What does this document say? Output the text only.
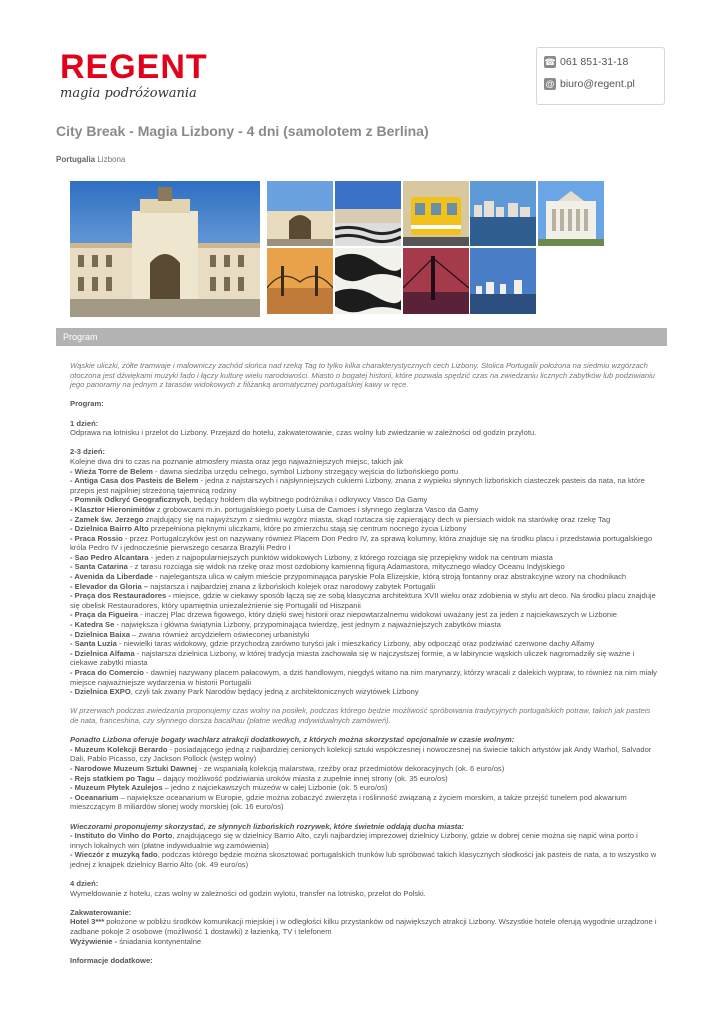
REGENT
magia podróżowania
☎ 061 851-31-18
@ biuro@regent.pl
City Break - Magia Lizbony - 4 dni (samolotem z Berlina)
Portugalia Lizbona
Program

Wąskie uliczki, żółte tramwaje i malowniczy zachód słońca nad rzeką Tag to tylko kilka charakterystycznych cech Lizbony. Stolica Portugalii położona na siedmiu wzgórzach otoczona jest dźwiękami muzyki fado i łączy kulturę wielu narodowości. Miasto o bogatej historii, które pozwala spędzić czas na zwiedzaniu licznych zabytków lub podziwianiu jego panoramy na jednym z tarasów widokowych z filiżanką aromatycznej portugalskiej kawy w ręce.

Program:

1 dzień:

Odprawa na lotnisku i przelot do Lizbony. Przejazd do hotelu, zakwaterowanie, czas wolny lub zwiedzanie w zależności od godzin przylotu.

2-3 dzień:

Kolejne dwa dni to czas na poznanie atmosfery miasta oraz jego najważniejszych miejsc, takich jak

- Wieża Torre de Belem - dawna siedziba urzędu celnego, symbol Lizbony strzegący wejścia do lizbońskiego portu

- Antiga Casa dos Pasteis de Belem - jedna z najstarszych i najsłynniejszych cukierni Lizbony, znana z wypieku słynnych lizbońskich ciasteczek pasteis da nata, na które przepis jest najpilniej strzeżoną tajemnicą rodziny

- Pomnik Odkryć Geograficznych, będący hołdem dla wybitnego podróżnika i odkrywcy Vasco Da Gamy

- Klasztor Hieronimitów z grobowcami m.in. portugalskiego poety Luisa de Camoes i słynnego żeglarza Vasco da Gamy

- Zamek św. Jerzego znajdujący się na najwyższym z siedmiu wzgórz miasta, skąd roztacza się zapierający dech w piersiach widok na starówkę oraz rzekę Tag

- Dzielnica Bairro Alto przepełniona pięknymi uliczkami, które po zmierzchu stają się centrum nocnego życia Lizbony

- Praca Rossio - przez Portugalczyków jest on nazywany również Placem Don Pedro IV, za sprawą kolumny, która znajduje się na środku placu i przedstawia portugalskiego króla Pedro IV i jednocześnie pierwszego cesarza Brazylii Pedro I

- Sao Pedro Alcantara - jeden z najpopularniejszych punktów widokowych Lizbony, z którego rozciąga się przepiękny widok na centrum miasta

- Santa Catarina - z tarasu rozciąga się widok na rzekę oraz most ozdobiony kamienną figurą Adamastora, mitycznego władcy Oceanu Indyjskiego

- Avenida da Liberdade - najelegantsza ulica w całym mieście przypominająca paryskie Pola Elizejskie, którą stroją fontanny oraz abstrakcyjne wzory na chodnikach

- Elevador da Gloria – najstarsza i najbardziej znana z lizbońskich kolejek oraz narodowy zabytek Portugalii

- Praça dos Restauradores - miejsce, gdzie w ciekawy sposób łączą się ze sobą klasyczna architektura XVII wieku oraz zdobienia w stylu art deco. Na środku placu znajduje się obelisk Restauradores, który upamiętnia uniezależnienie się Portugalii od Hiszpanii

- Praça da Figueira - inaczej Plac drzewa figowego, który dzięki swej historii oraz niepowtarzalnemu widokowi uważany jest za jeden z najciekawszych w Lizbonie

- Katedra Se - największa i główna świątynia Lizbony, przypominająca twierdzę, jest jednym z najważniejszych zabytków miasta

- Dzielnica Baixa – zwana również arcydziełem oświeconej urbanistyki

- Santa Luzia - niewielki taras widokowy, gdzie przychodzą zarówno turyści jak i mieszkańcy Lizbony, aby odpocząć oraz podziwiać czerwone dachy Alfamy

- Dzielnica Alfama - najstarsza dzielnica Lizbony, w której tradycja miasta zachowała się w najczystszej formie, a w labiryncie wąskich uliczek nagromadziły się ważne i ciekawe zabytki miasta

- Praca do Comercio - dawniej nazywany placem pałacowym, a dziś handlowym, niegdyś witano na nim marynarzy, którzy wracali z dalekich wypraw, to również na nim miały miejsce najważniejsze wydarzenia w historii Portugalii

- Dzielnica EXPO, czyli tak zwany Park Narodów będący jedną z architektonicznych wizytówek Lizbony

W przerwach podczas zwiedzania proponujemy czas wolny na posiłek, podczas którego będzie możliwość spróbowania tradycyjnych portugalskich potraw, takich jak pasteis de nata, franceshina, czy słynnego dorsza bacalhau (płatne według indywidualnych zamówień).

Ponadto Lizbona oferuje bogaty wachlarz atrakcji dodatkowych, z których można skorzystać opcjonalnie w czasie wolnym:

- Muzeum Kolekcji Berardo - posiadającego jedną z najbardziej cenionych kolekcji sztuki współczesnej i nowoczesnej na świecie takich artystów jak Andy Warhol, Salvador Dali, Pablo Picasso, czy Jackson Pollock (wstęp wolny)

- Narodowe Muzeum Sztuki Dawnej - ze wspaniałą kolekcją malarstwa, rzeźby oraz przedmiotów dekoracyjnych (ok. 6 euro/os)

- Rejs statkiem po Tagu – dający możliwość podziwiania uroków miasta z zupełnie innej strony (ok. 35 euro/os)

- Muzeum Płytek Azulejos – jedno z najciekawszych muzeów w całej Lizbonie (ok. 5 euro/os)

- Oceanarium – największe oceanarium w Europie, gdzie można zobaczyć zwierzęta i roślinność związaną z życiem morskim, a także przejść tunelem pod akwarium mieszczącym 8 miliardów słonej wody morskiej (ok. 16 euro/os)

Wieczorami proponujemy skorzystać, ze słynnych lizbońskich rozrywek, które świetnie oddają ducha miasta:

- Instituto do Vinho do Porto, znajdującego się w dzielnicy Barrio Alto, czyli najbardziej imprezowej dzielnicy Lizbony, gdzie w dobrej cenie można się napić wina porto i innych lokalnych win (płatne indywidualnie wg zamówienia)

- Wieczór z muzyką fado, podczas którego będzie można skosztować portugalskich trunków lub spróbować takich klasycznych słodkości jak pasteis de nata, a to wszystko w jednej z knajpek dzielnicy Barrio Alto (ok. 49 euro/os)

4 dzień:

Wymeldowanie z hotelu, czas wolny w zależności od godzin wylotu, transfer na lotnisko, przelot do Polski.

Zakwaterowanie:

Hotel 3*** położone w pobliżu środków komunikacji miejskiej i w odległości kilku przystanków od największych atrakcji Lizbony. Wszystkie hotele oferują wygodnie urządzone i zadbane pokoje 2 osobowe (możliwość 1 dostawki) z łazienką, TV i telefonem

Wyżywienie - śniadania kontynentalne

Informacje dodatkowe:
